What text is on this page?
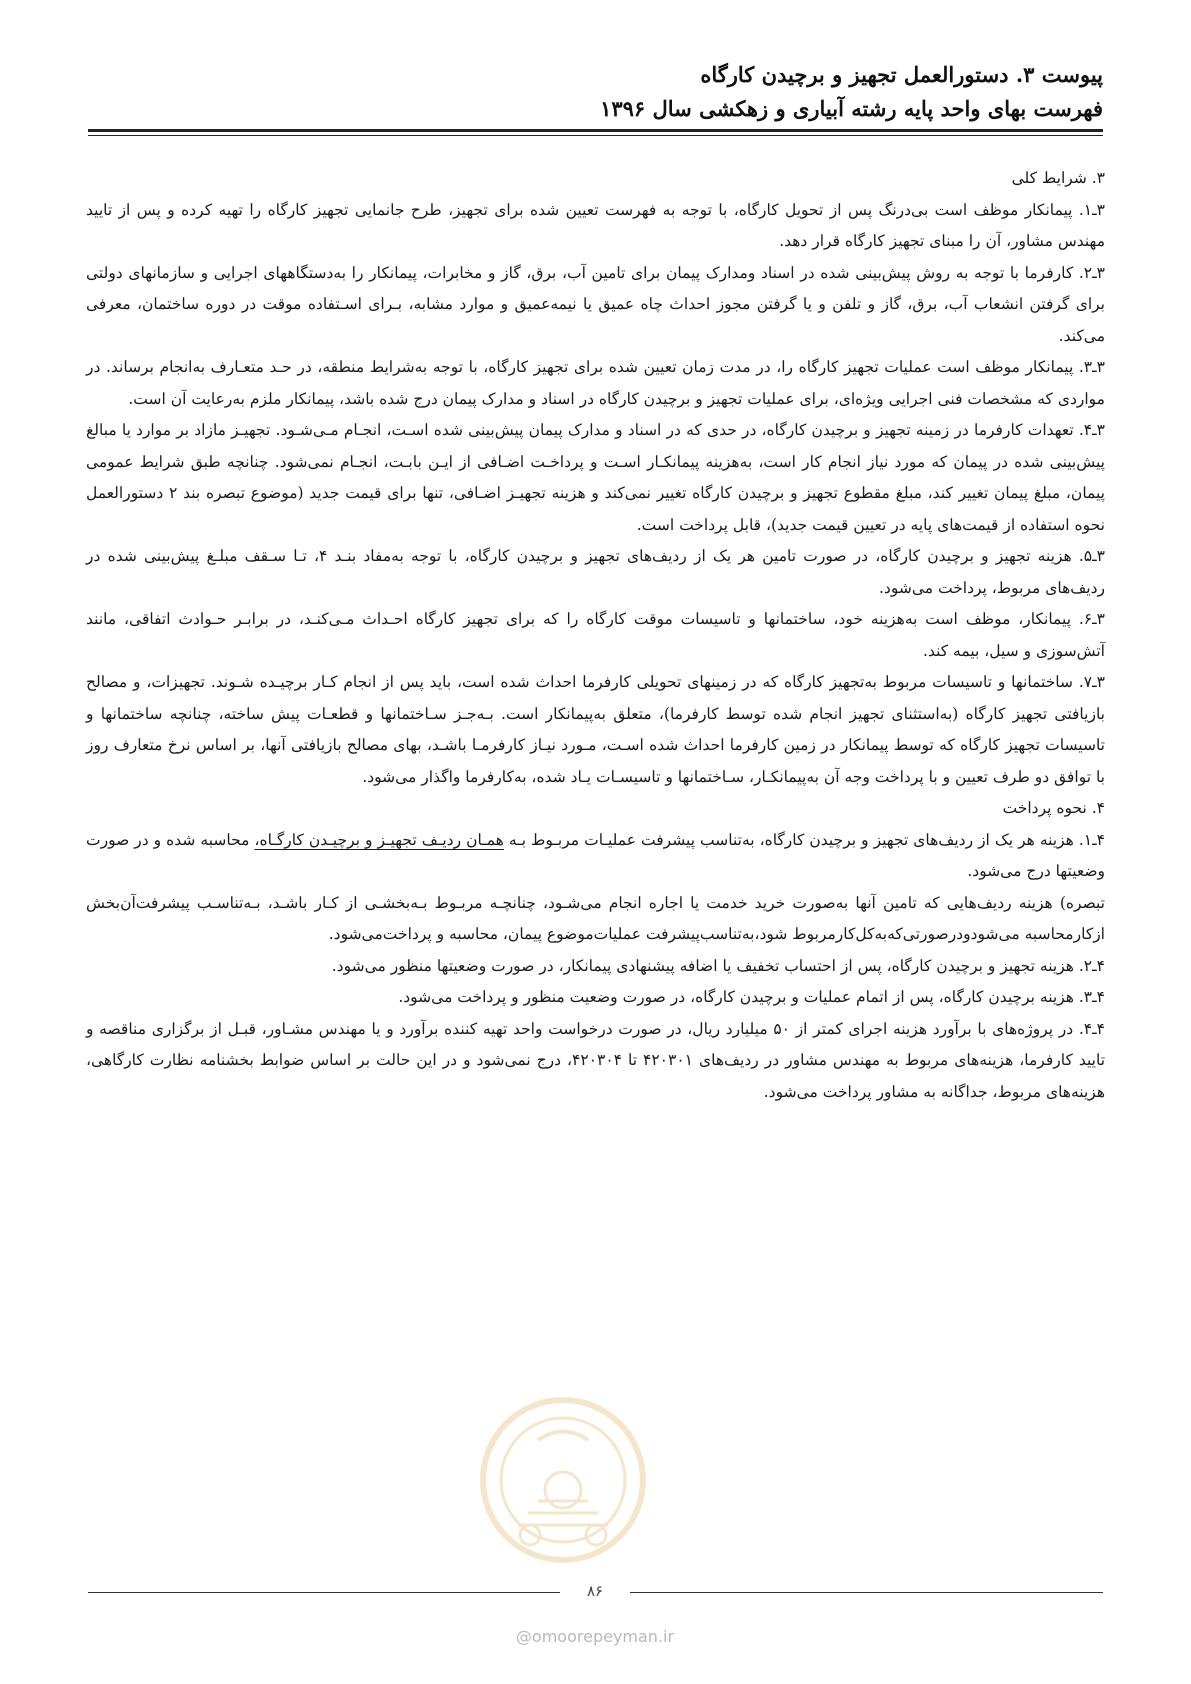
پیوست ۳. دستورالعمل تجهیز و برچیدن کارگاه
فهرست بهای واحد پایه رشته آبیاری و زهکشی سال ۱۳۹۶

۳. شرایط کلی

۳ـ۱. پیمانکار موظف است بی‌درنگ پس از تحویل کارگاه، با توجه به فهرست تعیین شده برای تجهیز، طرح جانمایی تجهیز کارگاه را تهیه کرده و پس از تایید مهندس مشاور، آن را مبنای تجهیز کارگاه قرار دهد.

۳ـ۲. کارفرما با توجه به روش پیش‌بینی شده در اسناد ومدارک پیمان برای تامین آب، برق، گاز و مخابرات، پیمانکار را به‌دستگاههای اجرایی و سازمانهای دولتی برای گرفتن انشعاب آب، برق، گاز و تلفن و یا گرفتن مجوز احداث چاه عمیق یا نیمه‌عمیق و موارد مشابه، بـرای اسـتفاده موقت در دوره ساختمان، معرفی می‌کند.

۳ـ۳. پیمانکار موظف است عملیات تجهیز کارگاه را، در مدت زمان تعیین شده برای تجهیز کارگاه، با توجه به‌شرایط منطقه، در حـد متعـارف به‌انجام برساند. در مواردی که مشخصات فنی اجرایی ویژه‌ای، برای عملیات تجهیز و برچیدن کارگاه در اسناد و مدارک پیمان درج شده باشد، پیمانکار ملزم به‌رعایت آن است.

۳ـ۴. تعهدات کارفرما در زمینه تجهیز و برچیدن کارگاه، در حدی که در اسناد و مدارک پیمان پیش‌بینی شده اسـت، انجـام مـی‌شـود. تجهیـز مازاد بر موارد یا مبالغ پیش‌بینی شده در پیمان که مورد نیاز انجام کار است، به‌هزینه پیمانکـار اسـت و پرداخـت اضـافی از ایـن بابـت، انجـام نمی‌شود. چنانچه طبق شرایط عمومی پیمان، مبلغ پیمان تغییر کند، مبلغ مقطوع تجهیز و برچیدن کارگاه تغییر نمی‌کند و هزینه تجهیـز اضـافی، تنها برای قیمت جدید (موضوع تبصره بند ۲ دستورالعمل نحوه استفاده از قیمت‌های پایه در تعیین قیمت جدید)، قابل پرداخت است.

۳ـ۵. هزینه تجهیز و برچیدن کارگاه، در صورت تامین هر یک از ردیف‌های تجهیز و برچیدن کارگاه، با توجه به‌مفاد بنـد ۴، تـا سـقف مبلـغ پیش‌بینی شده در ردیف‌های مربوط، پرداخت می‌شود.

۳ـ۶. پیمانکار، موظف است به‌هزینه خود، ساختمانها و تاسیسات موقت کارگاه را که برای تجهیز کارگاه احـداث مـی‌کنـد، در برابـر حـوادث اتفاقی، مانند آتش‌سوزی و سیل، بیمه کند.

۳ـ۷. ساختمانها و تاسیسات مربوط به‌تجهیز کارگاه که در زمینهای تحویلی کارفرما احداث شده است، باید پس از انجام کـار برچیـده شـوند. تجهیزات، و مصالح بازیافتی تجهیز کارگاه (به‌استثنای تجهیز انجام شده توسط کارفرما)، متعلق به‌پیمانکار است. بـه‌جـز سـاختمانها و قطعـات پیش ساخته، چنانچه ساختمانها و تاسیسات تجهیز کارگاه که توسط پیمانکار در زمین کارفرما احداث شده اسـت، مـورد نیـاز کارفرمـا باشـد، بهای مصالح بازیافتی آنها، بر اساس نرخ متعارف روز با توافق دو طرف تعیین و با پرداخت وجه آن به‌پیمانکـار، سـاختمانها و تاسیسـات یـاد شده، به‌کارفرما واگذار می‌شود.

۴. نحوه پرداخت

۴ـ۱. هزینه هر یک از ردیف‌های تجهیز و برچیدن کارگاه، به‌تناسب پیشرفت عملیـات مربـوط بـه همـان ردیـف تجهیـز و برچیـدن کارگـاه، محاسبه شده و در صورت وضعیتها درج می‌شود.

تبصره) هزینه ردیف‌هایی که تامین آنها به‌صورت خرید خدمت یا اجاره انجام می‌شـود، چنانچـه مربـوط بـه‌بخشـی از کـار باشـد، بـه‌تناسـب پیشرفت‌آن‌بخش ازکارمحاسبه می‌شودودرصورتی‌که‌به‌کل‌کارمربوط شود،به‌تناسب‌پیشرفت عملیات‌موضوع پیمان، محاسبه و پرداخت‌می‌شود.

۴ـ۲. هزینه تجهیز و برچیدن کارگاه، پس از احتساب تخفیف یا اضافه پیشنهادی پیمانکار، در صورت وضعیتها منظور می‌شود.

۴ـ۳. هزینه برچیدن کارگاه، پس از اتمام عملیات و برچیدن کارگاه، در صورت وضعیت منظور و پرداخت می‌شود.

۴ـ۴. در پروژه‌های با برآورد هزینه اجرای کمتر از ۵۰ میلیارد ریال، در صورت درخواست واحد تهیه کننده برآورد و یا مهندس مشـاور، قبـل از برگزاری مناقصه و تایید کارفرما، هزینه‌های مربوط به مهندس مشاور در ردیف‌های ۴۲۰۳۰۱ تا ۴۲۰۳۰۴، درج نمی‌شود و در این حالت بر اساس ضوابط بخشنامه نظارت کارگاهی، هزینه‌های مربوط، جداگانه به مشاور پرداخت می‌شود.

۸۶
@omoorepeyman.ir
